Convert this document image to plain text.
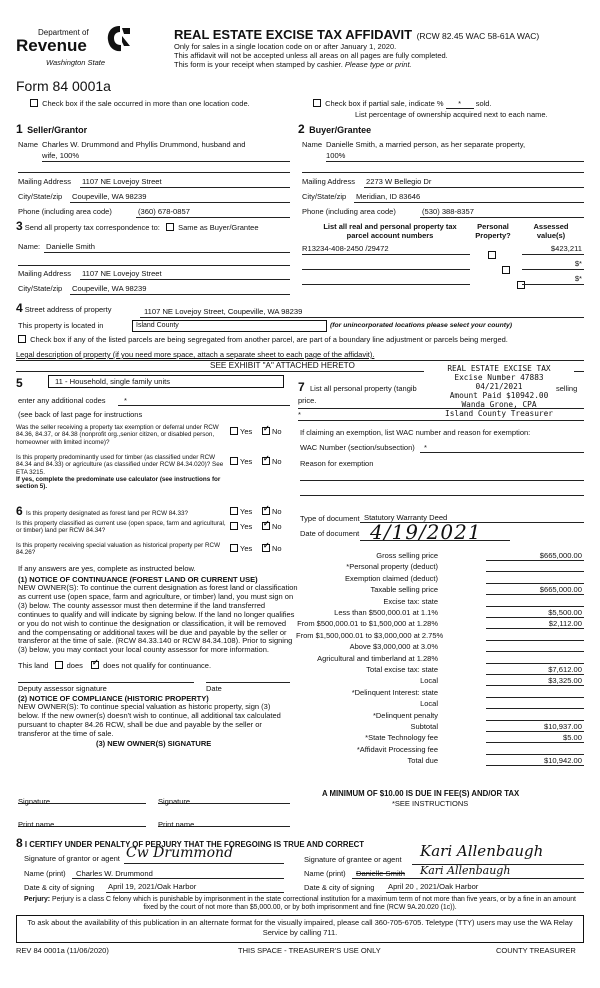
Department of
Revenue
Washington State
Form 84 0001a
REAL ESTATE EXCISE TAX AFFIDAVIT (RCW 82.45 WAC 58-61A WAC)
Only for sales in a single location code on or after January 1, 2020.
This affidavit will not be accepted unless all areas on all pages are fully completed.
This form is your receipt when stamped by cashier. Please type or print.
Check box if the sale occurred in more than one location code.	Check box if partial sale, indicate % * sold.
List percentage of ownership acquired next to each name.
1 Seller/Grantor
Name Charles W. Drummond and Phyllis Drummond, husband and
wife, 100%
Mailing Address 1107 NE Lovejoy Street
City/State/zip Coupeville, WA 98239
Phone (including area code)	(360) 678-0857
2 Buyer/Grantee
Name Danielle Smith, a married person, as her separate property,
100%
Mailing Address 2273 W Bellegio Dr
City/State/zip Meridian, ID 83646
Phone (including area code)	(530) 388-8357
3 Send all property tax correspondence to: Same as Buyer/Grantee
Name: Danielle Smith
Mailing Address 1107 NE Lovejoy Street
City/State/zip Coupeville, WA 98239
List all real and personal property tax
parcel account numbers
Personal
Property?
Assessed
value(s)
R13234-408-2450 /29472
	$423,211

$*
$*
4 Street address of property	1107 NE Lovejoy Street, Coupeville, WA 98239
This property is located in	Island County	(for unincorporated locations please select your county)
Check box if any of the listed parcels are being segregated from another parcel, are part of a boundary line adjustment or parcels being merged.
Legal description of property (if you need more space, attach a separate sheet to each page of the affidavit).
SEE EXHIBIT "A" ATTACHED HERETO	REAL ESTATE EXCISE TAX
Excise Number 47883
04/21/2021
Amount Paid $10942.00
Wanda Grone, CPA
Island County Treasurer
5	11 - Household, single family units
enter any additional codes *
(see back of last page for instructions
Was the seller receiving a property tax exemption or deferral under RCW 84.36, 84.37, or 84.38 (nonprofit org.,senior citizen, or disabled person, homeowner with limited income)?
Yes ✓	No
Is this property predominantly used for timber (as classified under RCW 84.34 and 84.33) or agriculture (as classified under RCW 84.34.020)? See ETA 3215.
If yes, complete the predominate use calculator (see instructions for section 5).
Yes ✓	No
7 List all personal property (tangib	selling
price.
*
If claiming an exemption, list WAC number and reason for exemption:
WAC Number (section/subsection) *
Reason for exemption
6 Is this property designated as forest land per RCW 84.33?	Yes ✓	No
Is this property classified as current use (open space, farm and agricultural, or timber) land per RCW 84.34?	Yes ✓	No
Is this property receiving special valuation as historical property per RCW 84.26?	Yes ✓	No
If any answers are yes, complete as instructed below.
(1) NOTICE OF CONTINUANCE (FOREST LAND OR CURRENT USE)
NEW OWNER(S): To continue the current designation as forest land or classification as current use (open space, farm and agriculture, or timber) land, you must sign on (3) below. The county assessor must then determine if the land transferred continues to qualify and will indicate by signing below. If the land no longer qualifies or you do not wish to continue the designation or classification, it will be removed and the compensating or additional taxes will be due and payable by the seller or transferor at the time of sale. (RCW 84.33.140 or RCW 84.34.108). Prior to signing (3) below, you may contact your local county assessor for more information.
This land does ✓	does not qualify for continuance.
Deputy assessor signature	Date
(2) NOTICE OF COMPLIANCE (HISTORIC PROPERTY)
NEW OWNER(S): To continue special valuation as historic property, sign (3) below. If the new owner(s) doesn't wish to continue, all additional tax calculated pursuant to chapter 84.26 RCW, shall be due and payable by the seller or transferor at the time of sale.
(3) NEW OWNER(S) SIGNATURE
Signature	Signature
Print name	Print name
Type of document Statutory Warranty Deed
Date of document 4/19/2021
Gross selling price	$665,000.00
*Personal property (deduct)
Exemption claimed (deduct)
Taxable selling price	$665,000.00
Excise tax: state
Less than $500,000.01 at 1.1%	$5,500.00
From $500,000.01 to $1,500,000 at 1.28%	$2,112.00
From $1,500,000.01 to $3,000,000 at 2.75%
Above $3,000,000 at 3.0%
Agricultural and timberland at 1.28%
Total excise tax: state	$7,612.00
Local	$3,325.00
*Delinquent Interest: state
Local
*Delinquent penalty
Subtotal	$10,937.00
*State Technology fee	$5.00
*Affidavit Processing fee
Total due	$10,942.00
A MINIMUM OF $10.00 IS DUE IN FEE(S) AND/OR TAX
*SEE INSTRUCTIONS
8 I CERTIFY UNDER PENALTY OF PERJURY THAT THE FOREGOING IS TRUE AND CORRECT
Signature of grantor or agent Cw Drummond
Name (print) Charles W. Drummond
Date & city of signing April 19, 2021/Oak Harbor
Signature of grantee or agent Kari Allenbaugh
Name (print) Danielle Smith Kari Allenbaugh
Date & city of signing April 20 , 2021/Oak Harbor
Perjury: Perjury is a class C felony which is punishable by imprisonment in the state correctional institution for a maximum term of not more than five years, or by a fine in an amount fixed by the court of not more than $5,000.00, or by both imprisonment and fine (RCW 9A.20.020 (1c)).
To ask about the availability of this publication in an alternate format for the visually impaired, please call 360-705-6705. Teletype (TTY) users may use the WA Relay Service by calling 711.
REV 84 0001a (11/06/2020)	THIS SPACE - TREASURER'S USE ONLY	COUNTY TREASURER
